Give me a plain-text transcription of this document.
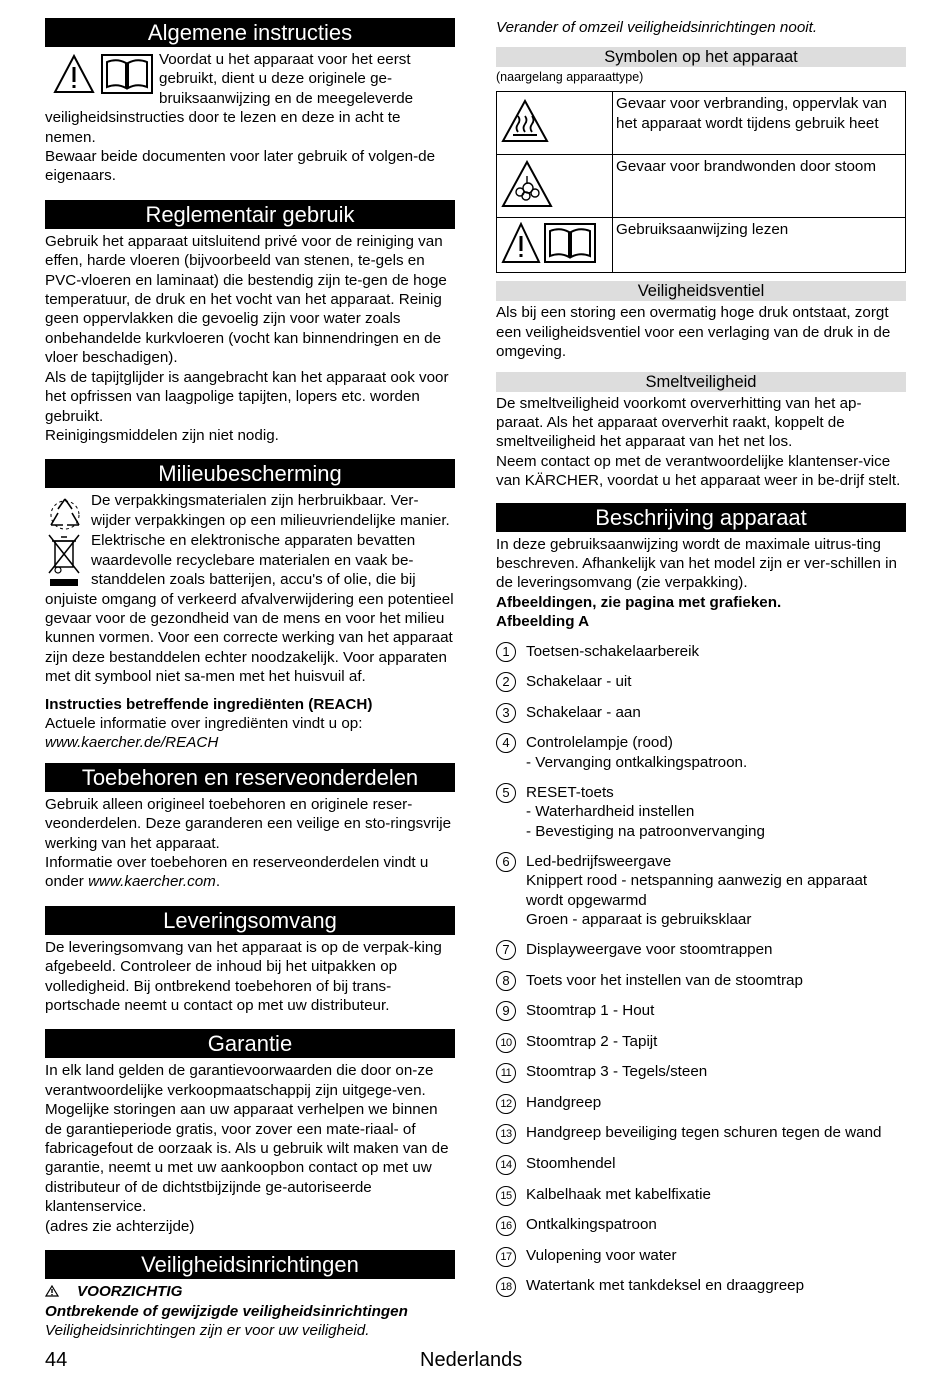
Algemene instructies

Voordat u het apparaat voor het eerst gebruikt, dient u deze originele ge-bruiksaanwijzing en de meegeleverde veiligheidsinstructies door te lezen en deze in acht te nemen.

Bewaar beide documenten voor later gebruik of volgen-de eigenaars.

Reglementair gebruik

Gebruik het apparaat uitsluitend privé voor de reiniging van effen, harde vloeren (bijvoorbeeld van stenen, te-gels en PVC-vloeren en laminaat) die bestendig zijn te-gen de hoge temperatuur, de druk en het vocht van het apparaat. Reinig geen oppervlakken die gevoelig zijn voor water zoals onbehandelde kurkvloeren (vocht kan binnendringen en de vloer beschadigen).

Als de tapijtglijder is aangebracht kan het apparaat ook voor het opfrissen van laagpolige tapijten, lopers etc. worden gebruikt.

Reinigingsmiddelen zijn niet nodig.

Milieubescherming

De verpakkingsmaterialen zijn herbruikbaar. Ver-wijder verpakkingen op een milieuvriendelijke manier.

Elektrische en elektronische apparaten bevatten waardevolle recyclebare materialen en vaak be-standdelen zoals batterijen, accu's of olie, die bij onjuiste omgang of verkeerd afvalverwijdering een potentieel gevaar voor de gezondheid van de mens en voor het milieu kunnen vormen. Voor een correcte werking van het apparaat zijn deze bestanddelen echter noodzakelijk. Voor apparaten met dit symbool niet sa-men met het huisvuil af.

Instructies betreffende ingrediënten (REACH)

Actuele informatie over ingrediënten vindt u op:

www.kaercher.de/REACH

Toebehoren en reserveonderdelen

Gebruik alleen origineel toebehoren en originele reser-veonderdelen. Deze garanderen een veilige en sto-ringsvrije werking van het apparaat.

Informatie over toebehoren en reserveonderdelen vindt u onder www.kaercher.com.

Leveringsomvang

De leveringsomvang van het apparaat is op de verpak-king afgebeeld. Controleer de inhoud bij het uitpakken op volledigheid. Bij ontbrekend toebehoren of bij trans-portschade neemt u contact op met uw distributeur.

Garantie

In elk land gelden de garantievoorwaarden die door on-ze verantwoordelijke verkoopmaatschappij zijn uitgege-ven. Mogelijke storingen aan uw apparaat verhelpen we binnen de garantieperiode gratis, voor zover een mate-riaal- of fabricagefout de oorzaak is. Als u gebruik wilt maken van de garantie, neemt u met uw aankoopbon contact op met uw distributeur of de dichtstbijzijnde ge-autoriseerde klantenservice.

(adres zie achterzijde)

Veiligheidsinrichtingen

VOORZICHTIG

Ontbrekende of gewijzigde veiligheidsinrichtingen

Veiligheidsinrichtingen zijn er voor uw veiligheid.

Verander of omzeil veiligheidsinrichtingen nooit.

Symbolen op het apparaat

(naargelang apparaattype)

	Gevaar voor verbranding, oppervlak van het apparaat wordt tijdens gebruik heet
	Gevaar voor brandwonden door stoom
	Gebruiksaanwijzing lezen
Veiligheidsventiel

Als bij een storing een overmatig hoge druk ontstaat, zorgt een veiligheidsventiel voor een verlaging van de druk in de omgeving.

Smeltveiligheid

De smeltveiligheid voorkomt oververhitting van het ap-paraat. Als het apparaat oververhit raakt, koppelt de smeltveiligheid het apparaat van het net los.

Neem contact op met de verantwoordelijke klantenser-vice van KÄRCHER, voordat u het apparaat weer in be-drijf stelt.

Beschrijving apparaat

In deze gebruiksaanwijzing wordt de maximale uitrus-ting beschreven. Afhankelijk van het model zijn er ver-schillen in de leveringsomvang (zie verpakking).

Afbeeldingen, zie pagina met grafieken.

Afbeelding A

1	Toetsen-schakelaarbereik
2	Schakelaar - uit
3	Schakelaar - aan
4	Controlelampje (rood)
- Vervanging ontkalkingspatroon.
5	RESET-toets
- Waterhardheid instellen
- Bevestiging na patroonvervanging
6	Led-bedrijfsweergave
Knippert rood - netspanning aanwezig en apparaat wordt opgewarmd
Groen - apparaat is gebruiksklaar
7	Displayweergave voor stoomtrappen
8	Toets voor het instellen van de stoomtrap
9	Stoomtrap 1 - Hout
10 Stoomtrap 2 - Tapijt
11 Stoomtrap 3 - Tegels/steen
12 Handgreep
13 Handgreep beveiliging tegen schuren tegen de wand
14 Stoomhendel
15 Kalbelhaak met kabelfixatie
16 Ontkalkingspatroon
17 Vulopening voor water
18 Watertank met tankdeksel en draaggreep
44	Nederlands
